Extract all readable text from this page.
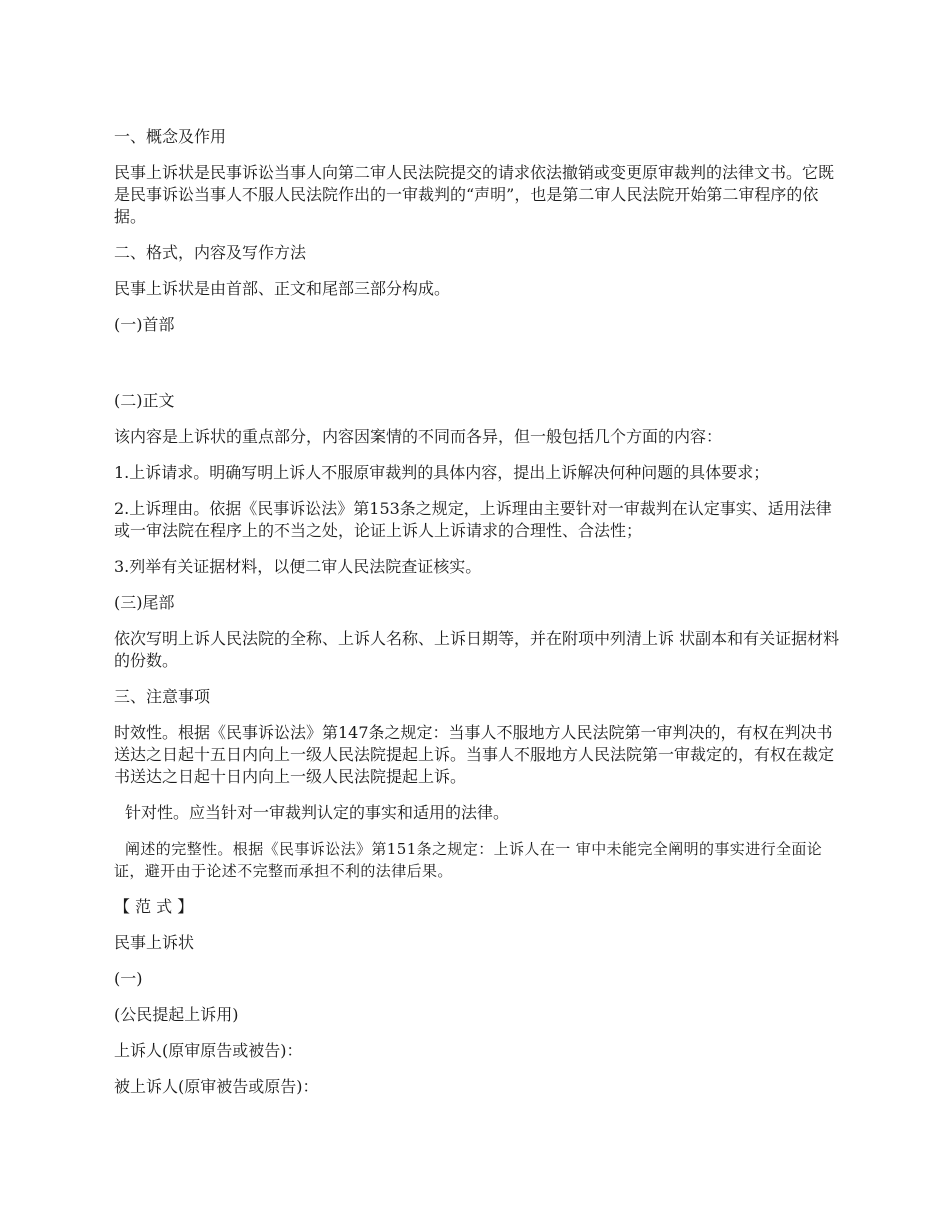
一、概念及作用

民事上诉状是民事诉讼当事人向第二审人民法院提交的请求依法撤销或变更原审裁判的法律文书。它既是民事诉讼当事人不服人民法院作出的一审裁判的“声明”，也是第二审人民法院开始第二审程序的依据。

二、格式，内容及写作方法

民事上诉状是由首部、正文和尾部三部分构成。

(一)首部

(二)正文

该内容是上诉状的重点部分，内容因案情的不同而各异，但一般包括几个方面的内容：

1.上诉请求。明确写明上诉人不服原审裁判的具体内容，提出上诉解决何种问题的具体要求；

2.上诉理由。依据《民事诉讼法》第153条之规定，上诉理由主要针对一审裁判在认定事实、适用法律或一审法院在程序上的不当之处，论证上诉人上诉请求的合理性、合法性；

3.列举有关证据材料，以便二审人民法院查证核实。

(三)尾部

依次写明上诉人民法院的全称、上诉人名称、上诉日期等，并在附项中列清上诉 状副本和有关证据材料的份数。

三、注意事项

时效性。根据《民事诉讼法》第147条之规定：当事人不服地方人民法院第一审判决的，有权在判决书送达之日起十五日内向上一级人民法院提起上诉。当事人不服地方人民法院第一审裁定的，有权在裁定书送达之日起十日内向上一级人民法院提起上诉。

针对性。应当针对一审裁判认定的事实和适用的法律。

阐述的完整性。根据《民事诉讼法》第151条之规定：上诉人在一 审中未能完全阐明的事实进行全面论证，避开由于论述不完整而承担不利的法律后果。

【 范 式 】

民事上诉状

(一)

(公民提起上诉用)

上诉人(原审原告或被告)：

被上诉人(原审被告或原告)：
